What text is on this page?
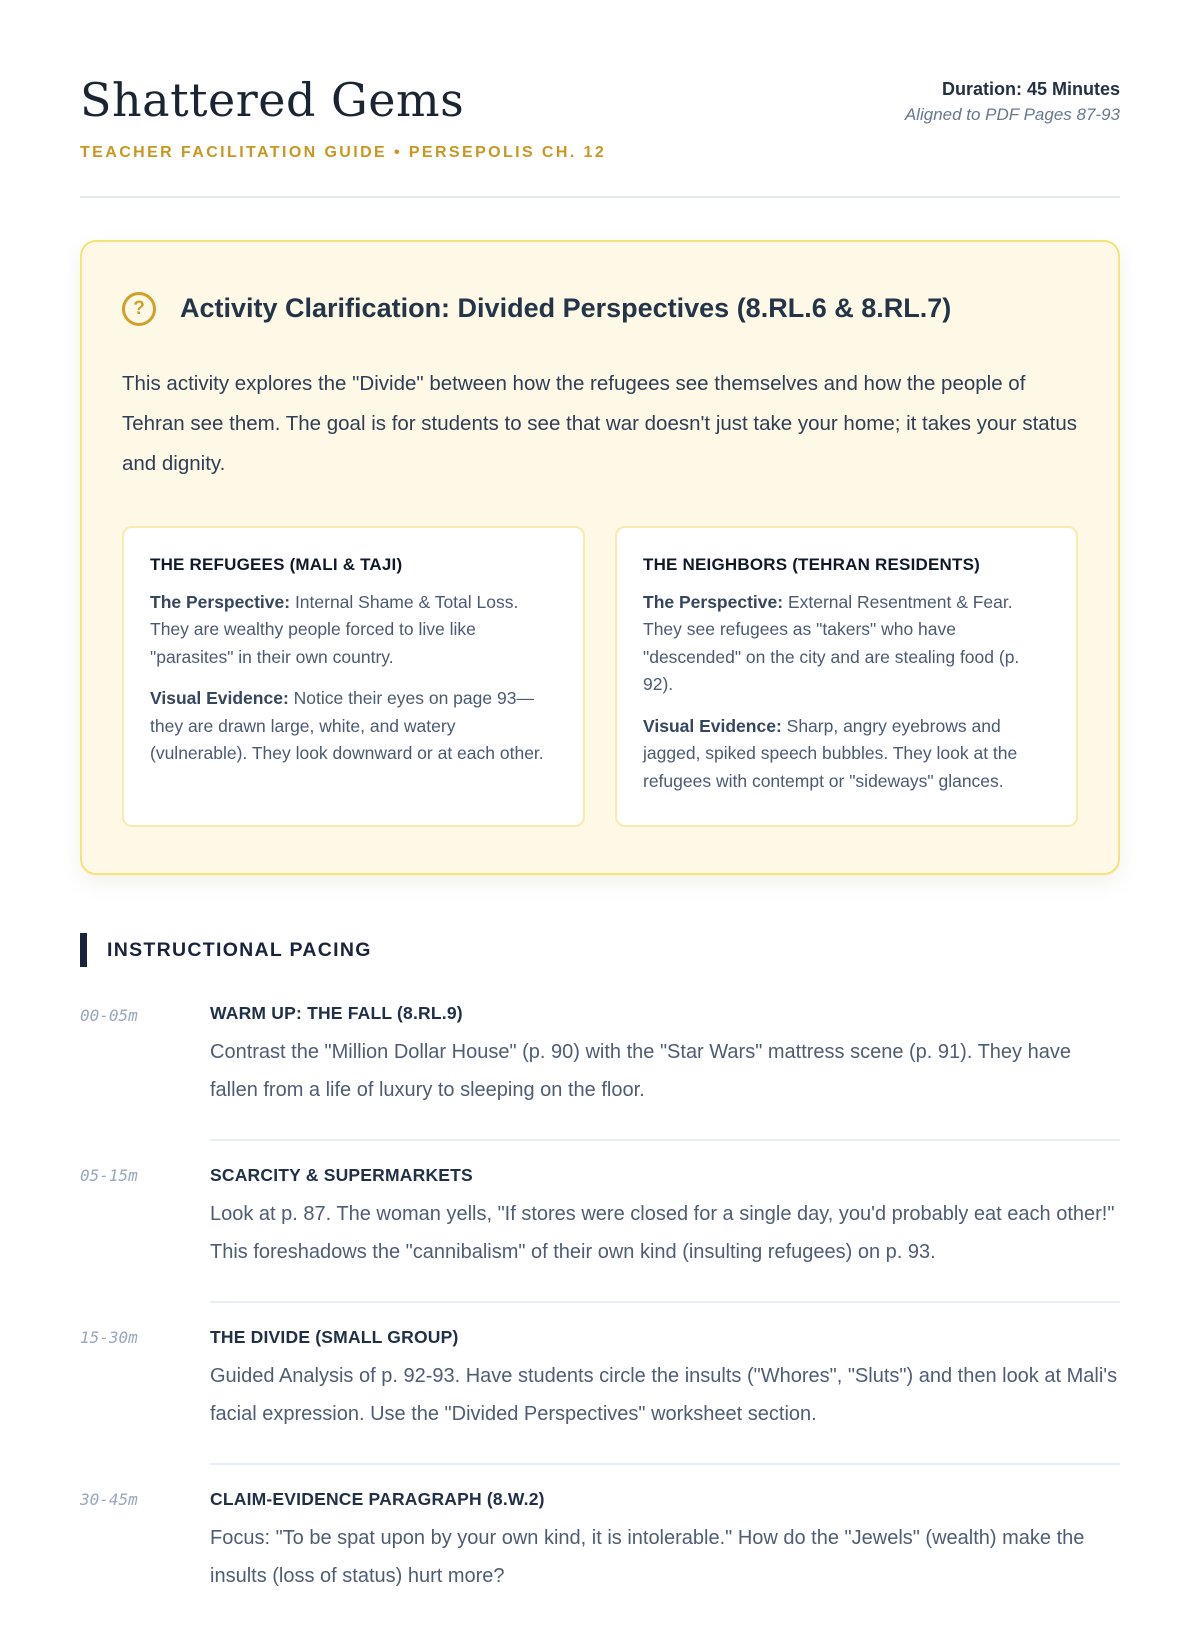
Shattered Gems
TEACHER FACILITATION GUIDE • PERSEPOLIS CH. 12
Duration: 45 Minutes
Aligned to PDF Pages 87-93
?	Activity Clarification: Divided Perspectives (8.RL.6 & 8.RL.7)

This activity explores the "Divide" between how the refugees see themselves and how the people of Tehran see them. The goal is for students to see that war doesn't just take your home; it takes your status and dignity.

THE REFUGEES (MALI & TAJI)

The Perspective: Internal Shame & Total Loss. They are wealthy people forced to live like "parasites" in their own country.

Visual Evidence: Notice their eyes on page 93—they are drawn large, white, and watery (vulnerable). They look downward or at each other.

THE NEIGHBORS (TEHRAN RESIDENTS)

The Perspective: External Resentment & Fear. They see refugees as "takers" who have "descended" on the city and are stealing food (p. 92).

Visual Evidence: Sharp, angry eyebrows and jagged, spiked speech bubbles. They look at the refugees with contempt or "sideways" glances.

INSTRUCTIONAL PACING
00-05m	WARM UP: THE FALL (8.RL.9)

Contrast the "Million Dollar House" (p. 90) with the "Star Wars" mattress scene (p. 91). They have fallen from a life of luxury to sleeping on the floor.

05-15m	SCARCITY & SUPERMARKETS

Look at p. 87. The woman yells, "If stores were closed for a single day, you'd probably eat each other!" This foreshadows the "cannibalism" of their own kind (insulting refugees) on p. 93.

15-30m	THE DIVIDE (SMALL GROUP)

Guided Analysis of p. 92-93. Have students circle the insults ("Whores", "Sluts") and then look at Mali's facial expression. Use the "Divided Perspectives" worksheet section.

30-45m	CLAIM-EVIDENCE PARAGRAPH (8.W.2)

Focus: "To be spat upon by your own kind, it is intolerable." How do the "Jewels" (wealth) make the insults (loss of status) hurt more?
